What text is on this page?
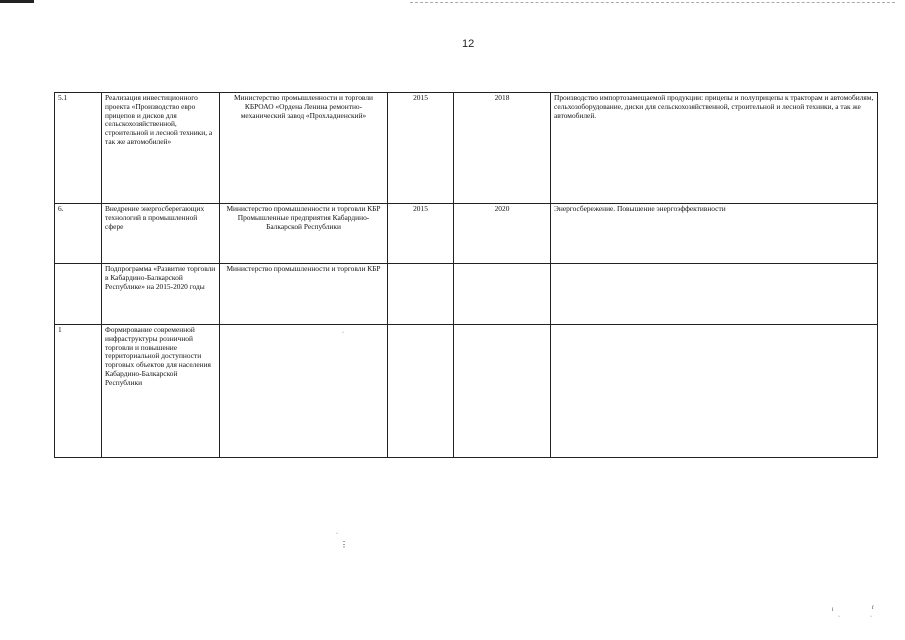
12
5.1	Реализация инвестиционного проекта «Производство евро прицепов и дисков для сельскохозяйственной, строительной и лесной техники, а так же автомобилей»	Министерство промышленности и торговли КБРОАО «Ордена Ленина ремонтно-механический завод «Прохладненский»	2015	2018	Производство импортозамещаемой продукции: прицепы и полуприцепы к тракторам и автомобилям, сельхозоборудование, диски для сельскохозяйственной, строительной и лесной техники, а так же автомобилей.
6.	Внедрение энергосберегающих технологий в промышленной сфере	Министерство промышленности и торговли КБР Промышленные предприятия Кабардино-Балкарской Республики	2015	2020	Энергосбережение. Повышение энергоэффективности
	Подпрограмма «Развитие торговли в Кабардино-Балкарской Республике» на 2015-2020 годы	Министерство промышленности и торговли КБР			
1	Формирование современной инфраструктуры розничной торговли и повышение территориальной доступности торговых объектов для населения Кабардино-Балкарской Республики				
·
·
⋮
ˡ	ᶠ
·	·
